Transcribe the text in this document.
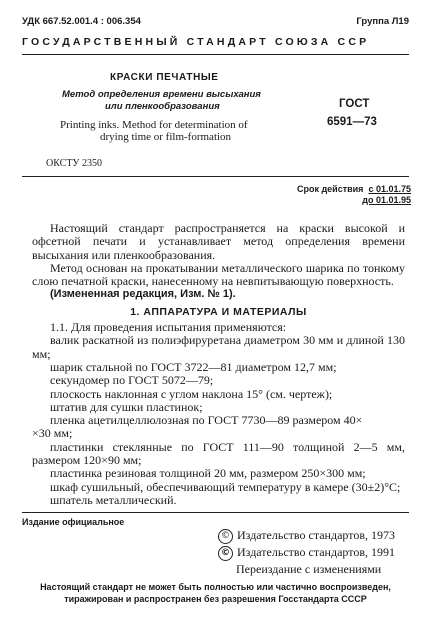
УДК 667.52.001.4 : 006.354	Группа Л19
ГОСУДАРСТВЕННЫЙ СТАНДАРТ СОЮЗА ССР
КРАСКИ ПЕЧАТНЫЕ
Метод определения времени высыхания
или пленкообразования
Printing inks. Method for determination of
drying time or film-formation
ГОСТ
6591—73
ОКСТУ 2350
Срок действия с 01.01.75
до 01.01.95

Настоящий стандарт распространяется на краски высокой и офсетной печати и устанавливает метод определения времени высыхания или пленкообразования.

Метод основан на прокатывании металлического шарика по тонкому слою печатной краски, нанесенному на невпитывающую поверхность.

(Измененная редакция, Изм. № 1).

1. АППАРАТУРА И МАТЕРИАЛЫ

1.1. Для проведения испытания применяются:

валик раскатной из полиэфируретана диаметром 30 мм и длиной 130 мм;

шарик стальной по ГОСТ 3722—81 диаметром 12,7 мм;

секундомер по ГОСТ 5072—79;

плоскость наклонная с углом наклона 15° (см. чертеж);

штатив для сушки пластинок;

пленка ацетилцеллюлозная по ГОСТ 7730—89 размером 40×

×30 мм;

пластинки стеклянные по ГОСТ 111—90 толщиной 2—5 мм, размером 120×90 мм;

пластинка резиновая толщиной 20 мм, размером 250×300 мм;

шкаф сушильный, обеспечивающий температуру в камере (30±2)°С;

шпатель металлический.

Издание официальное
© Издательство стандартов, 1973
© Издательство стандартов, 1991
Переиздание с изменениями
Настоящий стандарт не может быть полностью или частично воспроизведен,
тиражирован и распространен без разрешения Госстандарта СССР
